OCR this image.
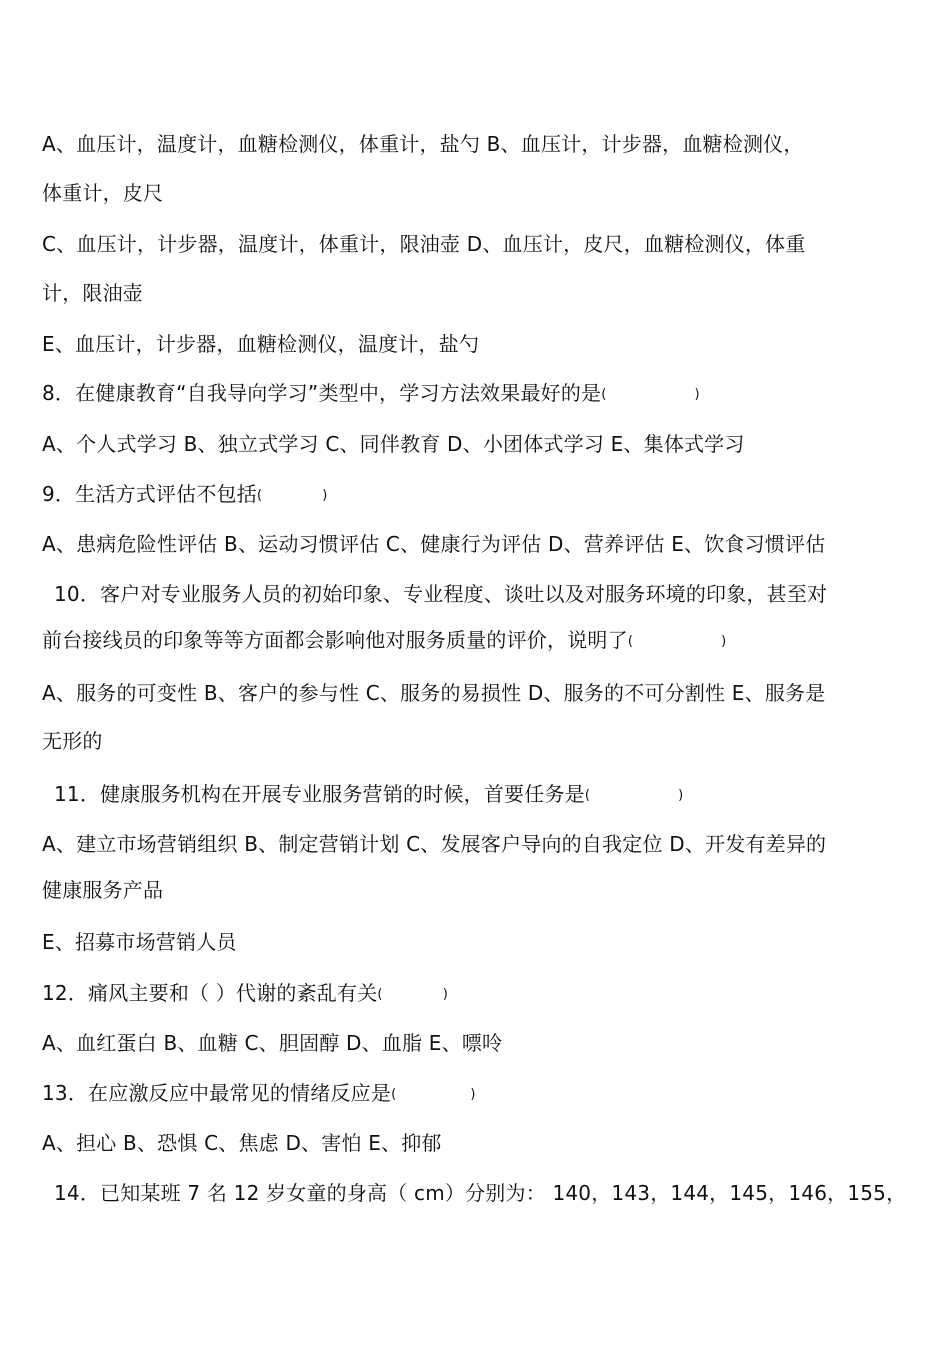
A、血压计，温度计，血糖检测仪，体重计，盐勺 B、血压计，计步器，血糖检测仪，
体重计，皮尺
C、血压计，计步器，温度计，体重计，限油壶 D、血压计，皮尺，血糖检测仪，体重
计，限油壶
E、血压计，计步器，血糖检测仪，温度计，盐勺
8．在健康教育“自我导向学习”类型中，学习方法效果最好的是(	)
A、个人式学习 B、独立式学习 C、同伴教育 D、小团体式学习 E、集体式学习
9．生活方式评估不包括(	)
A、患病危险性评估 B、运动习惯评估 C、健康行为评估 D、营养评估 E、饮食习惯评估
10．客户对专业服务人员的初始印象、专业程度、谈吐以及对服务环境的印象，甚至对
前台接线员的印象等等方面都会影响他对服务质量的评价，说明了(	)
A、服务的可变性 B、客户的参与性 C、服务的易损性 D、服务的不可分割性 E、服务是
无形的
11．健康服务机构在开展专业服务营销的时候，首要任务是(	)
A、建立市场营销组织 B、制定营销计划 C、发展客户导向的自我定位 D、开发有差异的
健康服务产品
E、招募市场营销人员
12．痛风主要和（ ）代谢的紊乱有关(	)
A、血红蛋白 B、血糖 C、胆固醇 D、血脂 E、嘌呤
13．在应激反应中最常见的情绪反应是(	)
A、担心 B、恐惧 C、焦虑 D、害怕 E、抑郁
14．已知某班 7 名 12 岁女童的身高（ cm）分别为： 140，143，144，145，146，155，
